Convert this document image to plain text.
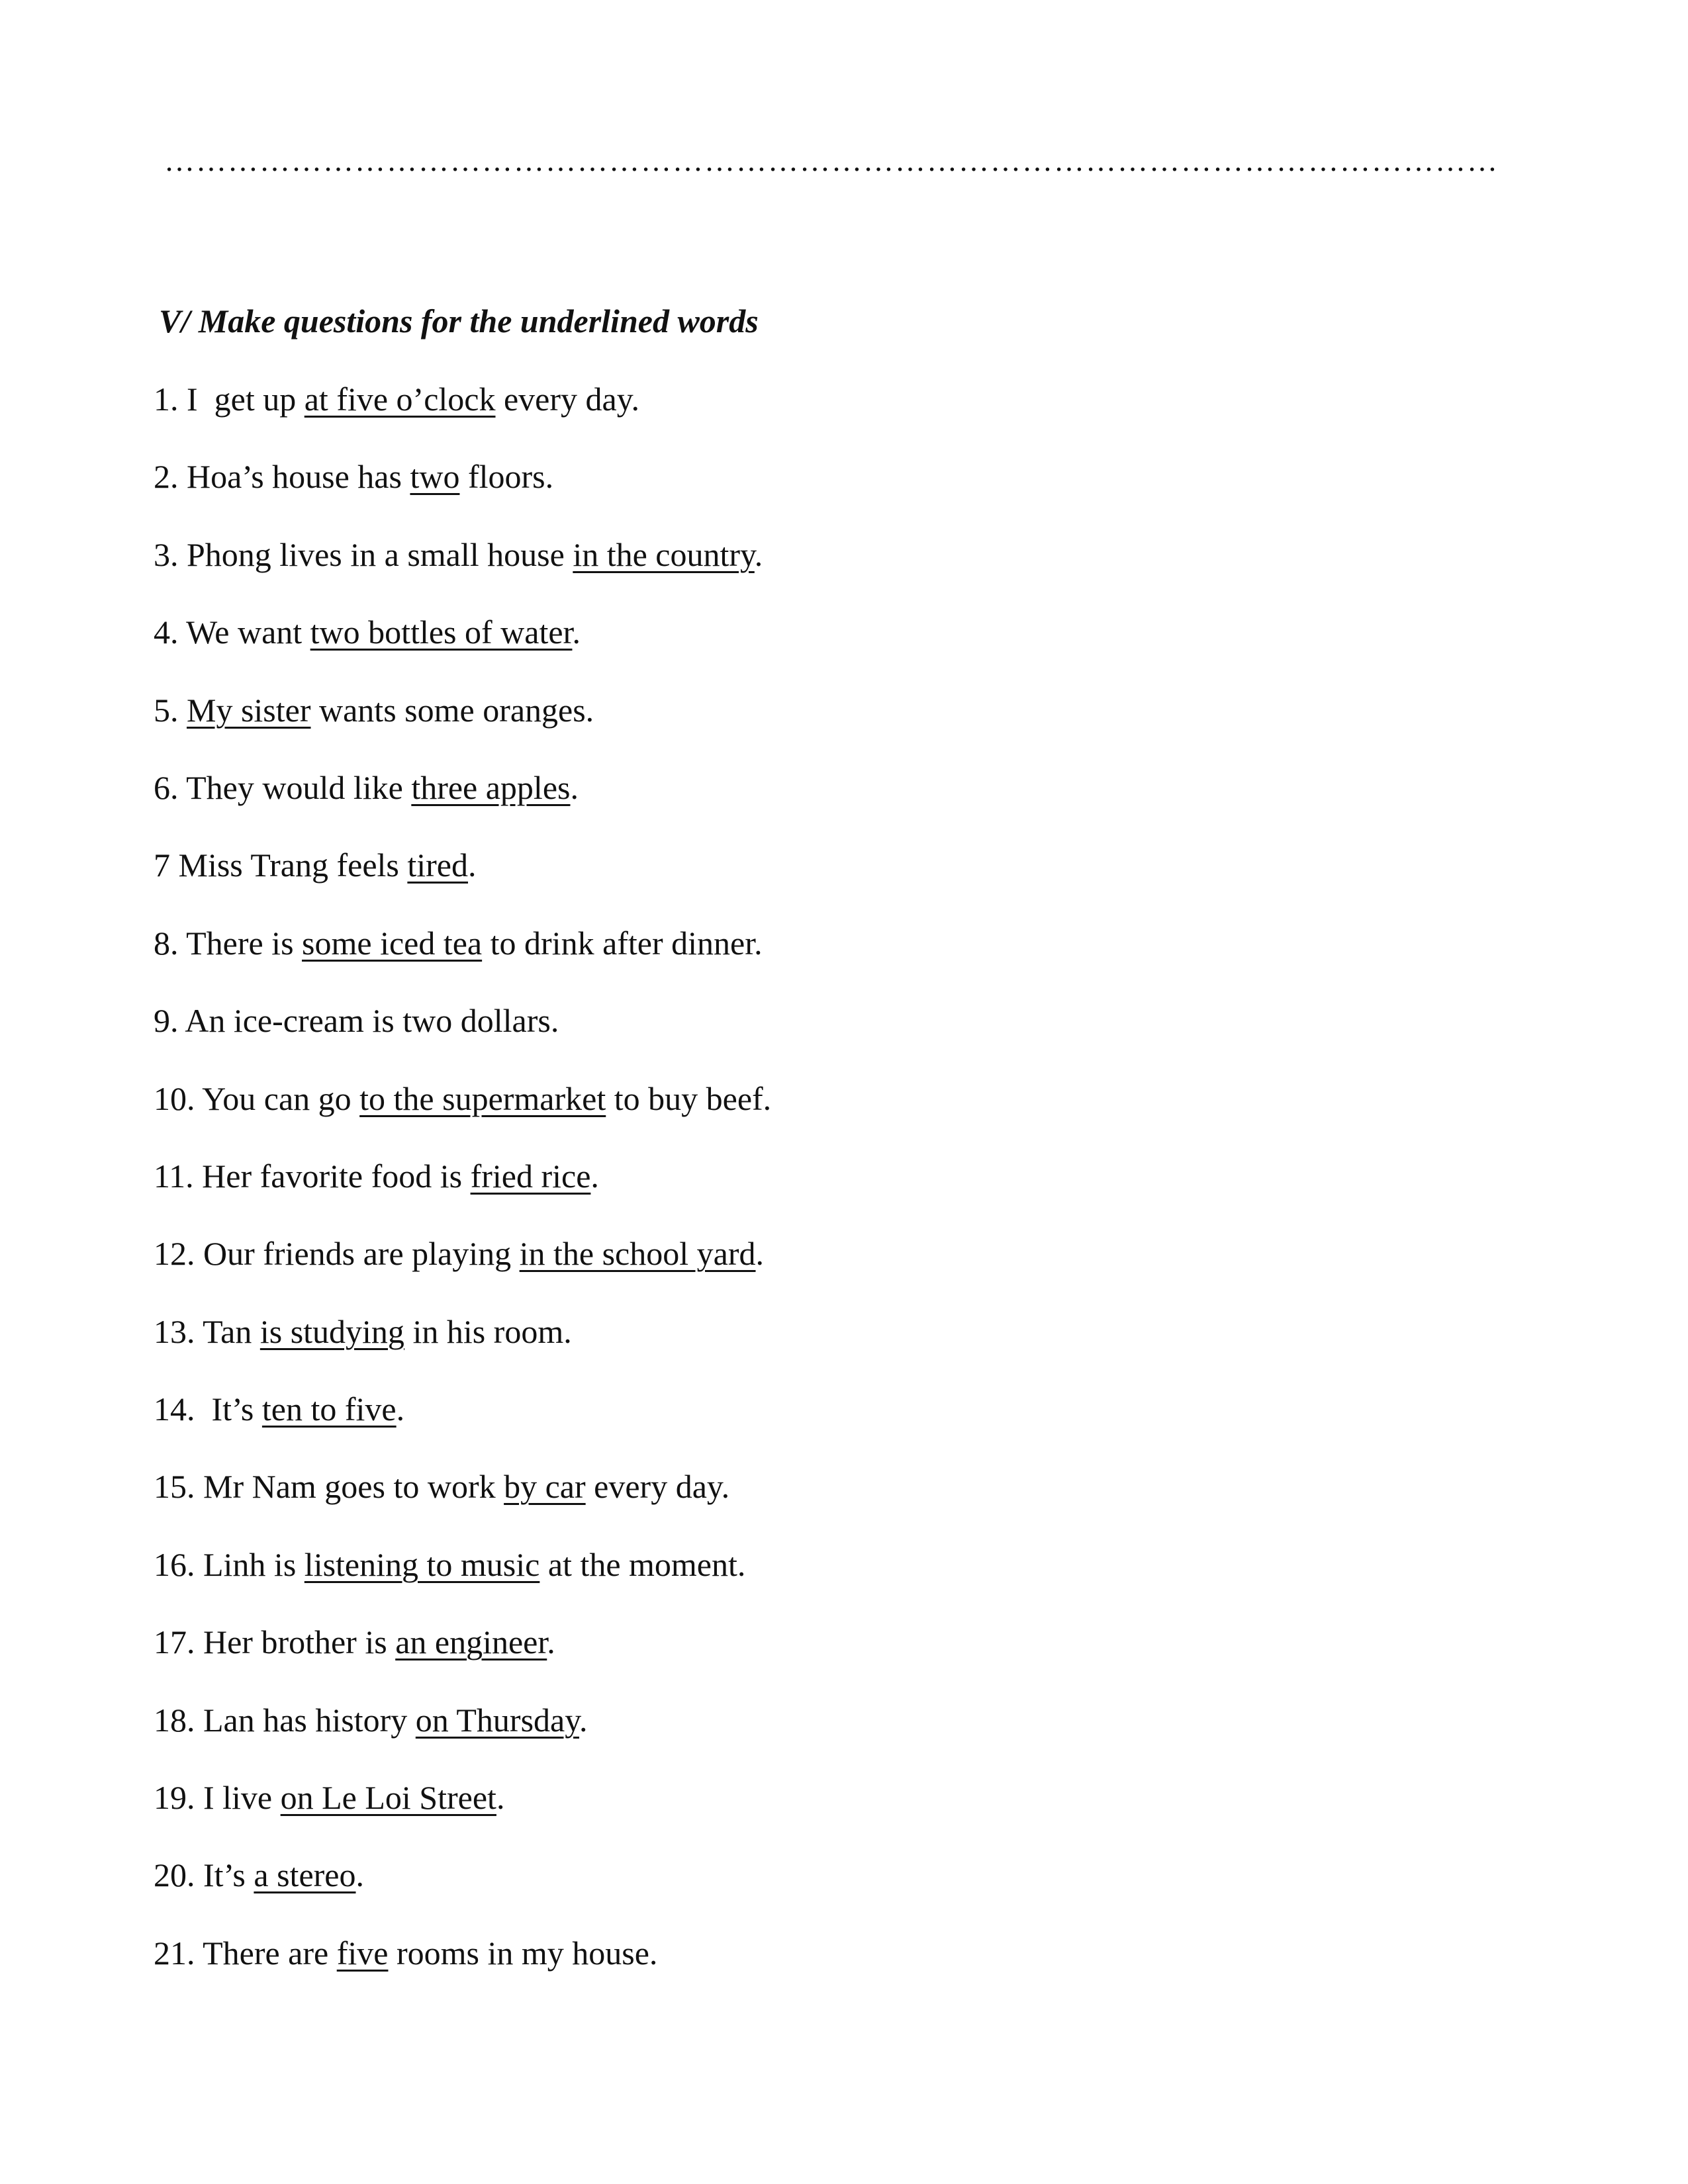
………………………………………………………………………………………………………………
V/ Make questions for the underlined words
1. I  get up at five o’clock every day.
2. Hoa’s house has two floors.
3. Phong lives in a small house in the country.
4. We want two bottles of water.
5. My sister wants some oranges.
6. They would like three apples.
7 Miss Trang feels tired.
8. There is some iced tea to drink after dinner.
9. An ice-cream is two dollars.
10. You can go to the supermarket to buy beef.
11. Her favorite food is fried rice.
12. Our friends are playing in the school yard.
13. Tan is studying in his room.
14.  It’s ten to five.
15. Mr Nam goes to work by car every day.
16. Linh is listening to music at the moment.
17. Her brother is an engineer.
18. Lan has history on Thursday.
19. I live on Le Loi Street.
20. It’s a stereo.
21. There are five rooms in my house.
